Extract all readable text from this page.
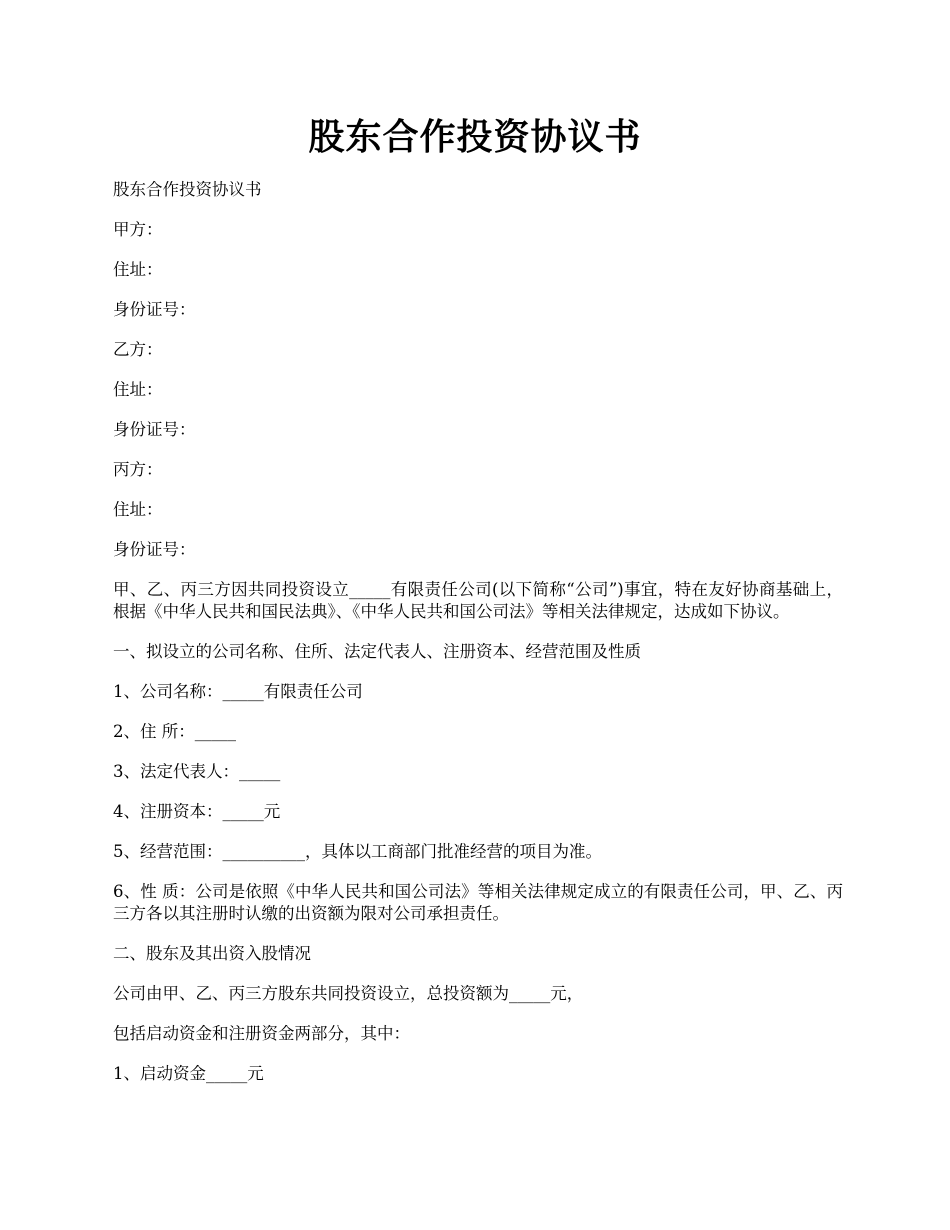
股东合作投资协议书

股东合作投资协议书

甲方：

住址：

身份证号：

乙方：

住址：

身份证号：

丙方：

住址：

身份证号：

甲、乙、丙三方因共同投资设立_____有限责任公司(以下简称“公司”)事宜，特在友好协商基础上，根据《中华人民共和国民法典》、《中华人民共和国公司法》等相关法律规定，达成如下协议。

一、拟设立的公司名称、住所、法定代表人、注册资本、经营范围及性质

1、公司名称：_____有限责任公司

2、住 所：_____

3、法定代表人：_____

4、注册资本：_____元

5、经营范围：__________，具体以工商部门批准经营的项目为准。

6、性 质：公司是依照《中华人民共和国公司法》等相关法律规定成立的有限责任公司，甲、乙、丙三方各以其注册时认缴的出资额为限对公司承担责任。

二、股东及其出资入股情况

公司由甲、乙、丙三方股东共同投资设立，总投资额为_____元，

包括启动资金和注册资金两部分，其中：

1、启动资金_____元
